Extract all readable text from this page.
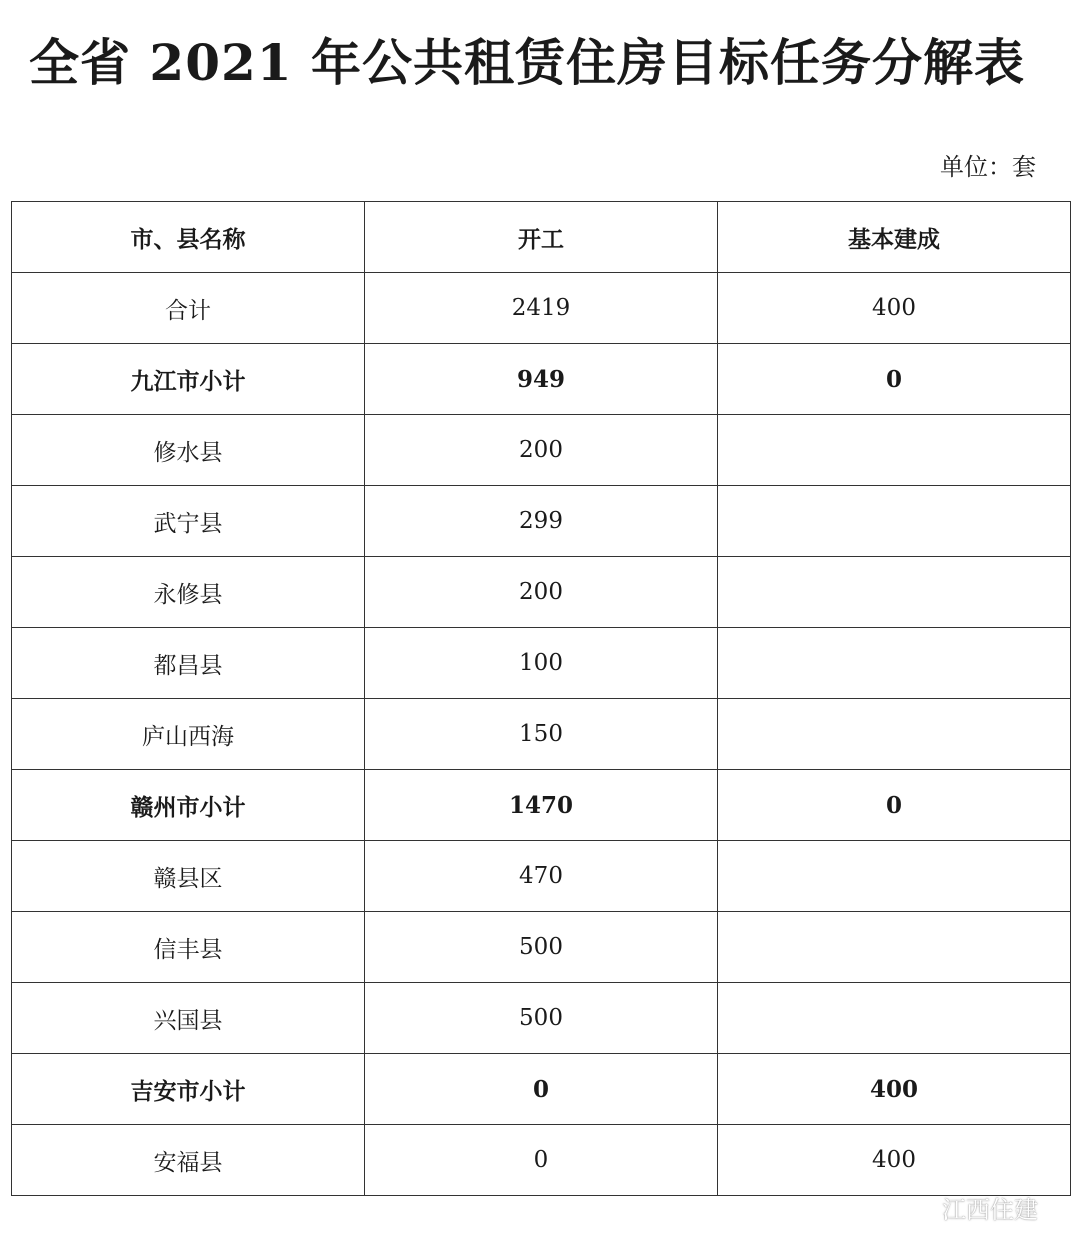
全省 2021 年公共租赁住房目标任务分解表
单位：套
市、县名称	开工	基本建成
合计	2419	400
九江市小计	949	0
修水县	200	
武宁县	299	
永修县	200	
都昌县	100	
庐山西海	150	
赣州市小计	1470	0
赣县区	470	
信丰县	500	
兴国县	500	
吉安市小计	0	400
安福县	0	400
江西住建
